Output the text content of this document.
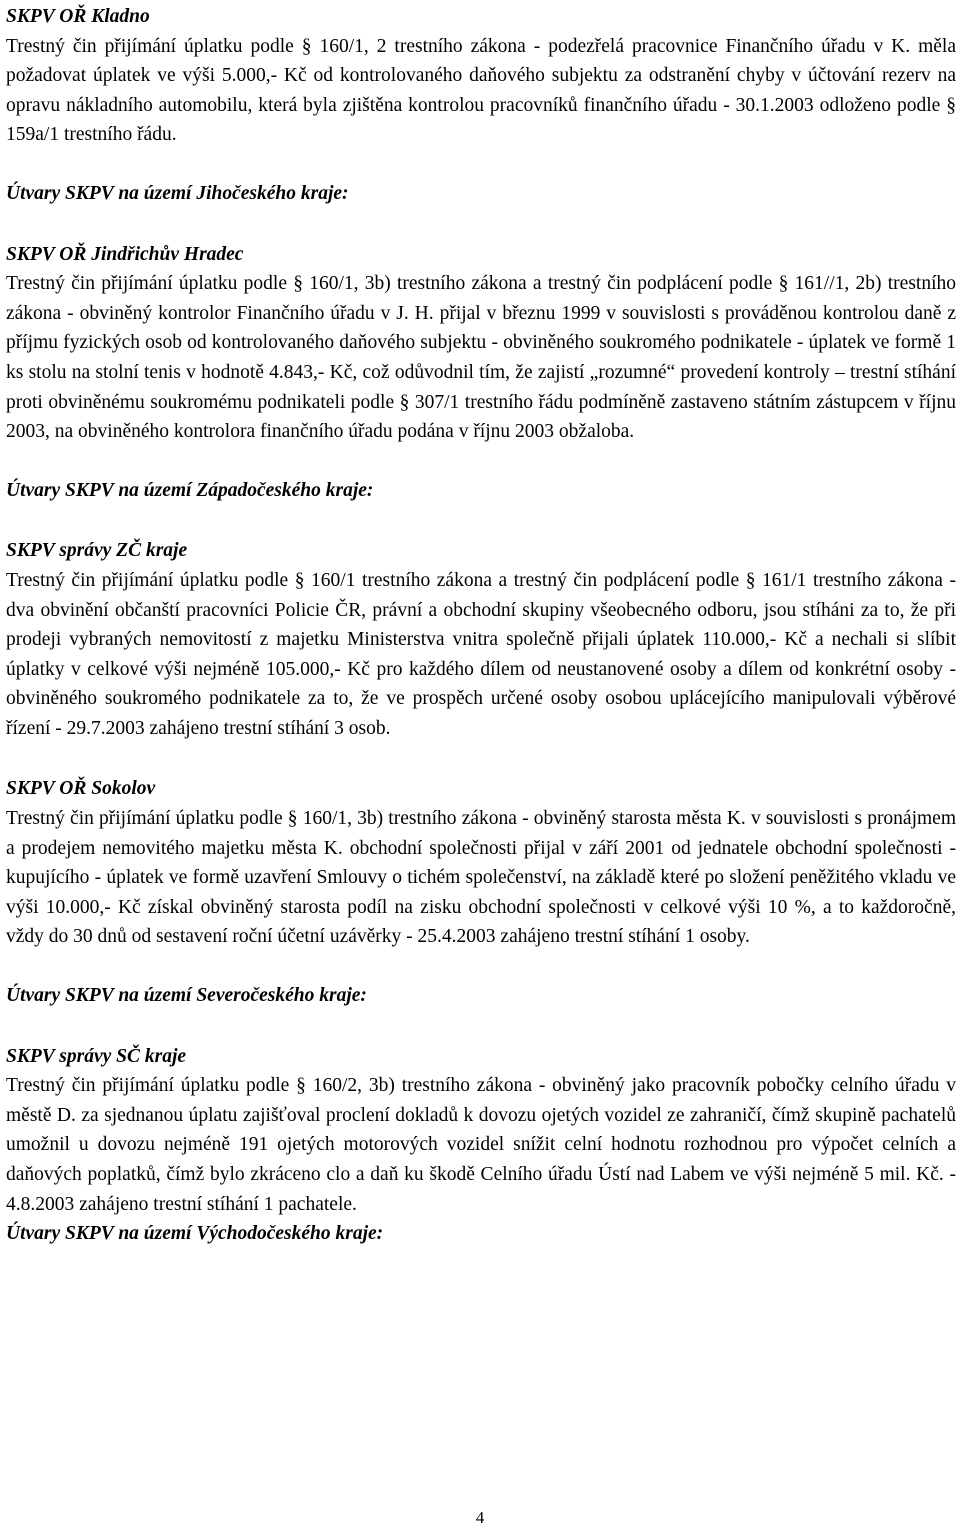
SKPV OŘ Kladno
Trestný čin přijímání úplatku podle § 160/1, 2 trestního zákona - podezřelá pracovnice Finančního úřadu v K. měla požadovat úplatek ve výši 5.000,- Kč od kontrolovaného daňového subjektu za odstranění chyby v účtování rezerv na opravu nákladního automobilu, která byla zjištěna kontrolou pracovníků finančního úřadu - 30.1.2003 odloženo podle § 159a/1 trestního řádu.
Útvary SKPV na území Jihočeského kraje:
SKPV OŘ Jindřichův Hradec
Trestný čin přijímání úplatku podle § 160/1, 3b) trestního zákona a trestný čin podplácení podle § 161//1, 2b) trestního zákona - obviněný kontrolor Finančního úřadu v J. H. přijal v březnu 1999 v souvislosti s prováděnou kontrolou daně z příjmu fyzických osob od kontrolovaného daňového subjektu - obviněného soukromého podnikatele - úplatek ve formě 1 ks stolu na stolní tenis v hodnotě 4.843,- Kč, což odůvodnil tím, že zajistí „rozumné“ provedení kontroly – trestní stíhání proti obviněnému soukromému podnikateli podle § 307/1 trestního řádu podmíněně zastaveno státním zástupcem v říjnu 2003, na obviněného kontrolora finančního úřadu podána v říjnu 2003 obžaloba.
Útvary SKPV na území Západočeského kraje:
SKPV správy ZČ kraje
Trestný čin přijímání úplatku podle § 160/1 trestního zákona a trestný čin podplácení podle § 161/1 trestního zákona - dva obvinění občanští pracovníci Policie ČR, právní a obchodní skupiny všeobecného odboru, jsou stíháni za to, že při prodeji vybraných nemovitostí z majetku Ministerstva vnitra společně přijali úplatek 110.000,- Kč a nechali si slíbit úplatky v celkové výši nejméně 105.000,- Kč pro každého dílem od neustanovené osoby a dílem od konkrétní osoby - obviněného soukromého podnikatele za to, že ve prospěch určené osoby osobou uplácejícího manipulovali výběrové řízení - 29.7.2003 zahájeno trestní stíhání 3 osob.
SKPV OŘ Sokolov
Trestný čin přijímání úplatku podle § 160/1, 3b) trestního zákona - obviněný starosta města K. v souvislosti s pronájmem a prodejem nemovitého majetku města K. obchodní společnosti přijal v září 2001 od jednatele obchodní společnosti - kupujícího - úplatek ve formě uzavření Smlouvy o tichém společenství, na základě které po složení peněžitého vkladu ve výši 10.000,- Kč získal obviněný starosta podíl na zisku obchodní společnosti v celkové výši 10 %, a to každoročně, vždy do 30 dnů od sestavení roční účetní uzávěrky - 25.4.2003 zahájeno trestní stíhání 1 osoby.
Útvary SKPV na území Severočeského kraje:
SKPV správy SČ kraje
Trestný čin přijímání úplatku podle § 160/2, 3b) trestního zákona - obviněný jako pracovník pobočky celního úřadu v městě D. za sjednanou úplatu zajišťoval proclení dokladů k dovozu ojetých vozidel ze zahraničí, čímž skupině pachatelů umožnil u dovozu nejméně 191 ojetých motorových vozidel snížit celní hodnotu rozhodnou pro výpočet celních a daňových poplatků, čímž bylo zkráceno clo a daň ku škodě Celního úřadu Ústí nad Labem ve výši nejméně 5 mil. Kč. - 4.8.2003 zahájeno trestní stíhání 1 pachatele.
Útvary SKPV na území Východočeského kraje:
4
